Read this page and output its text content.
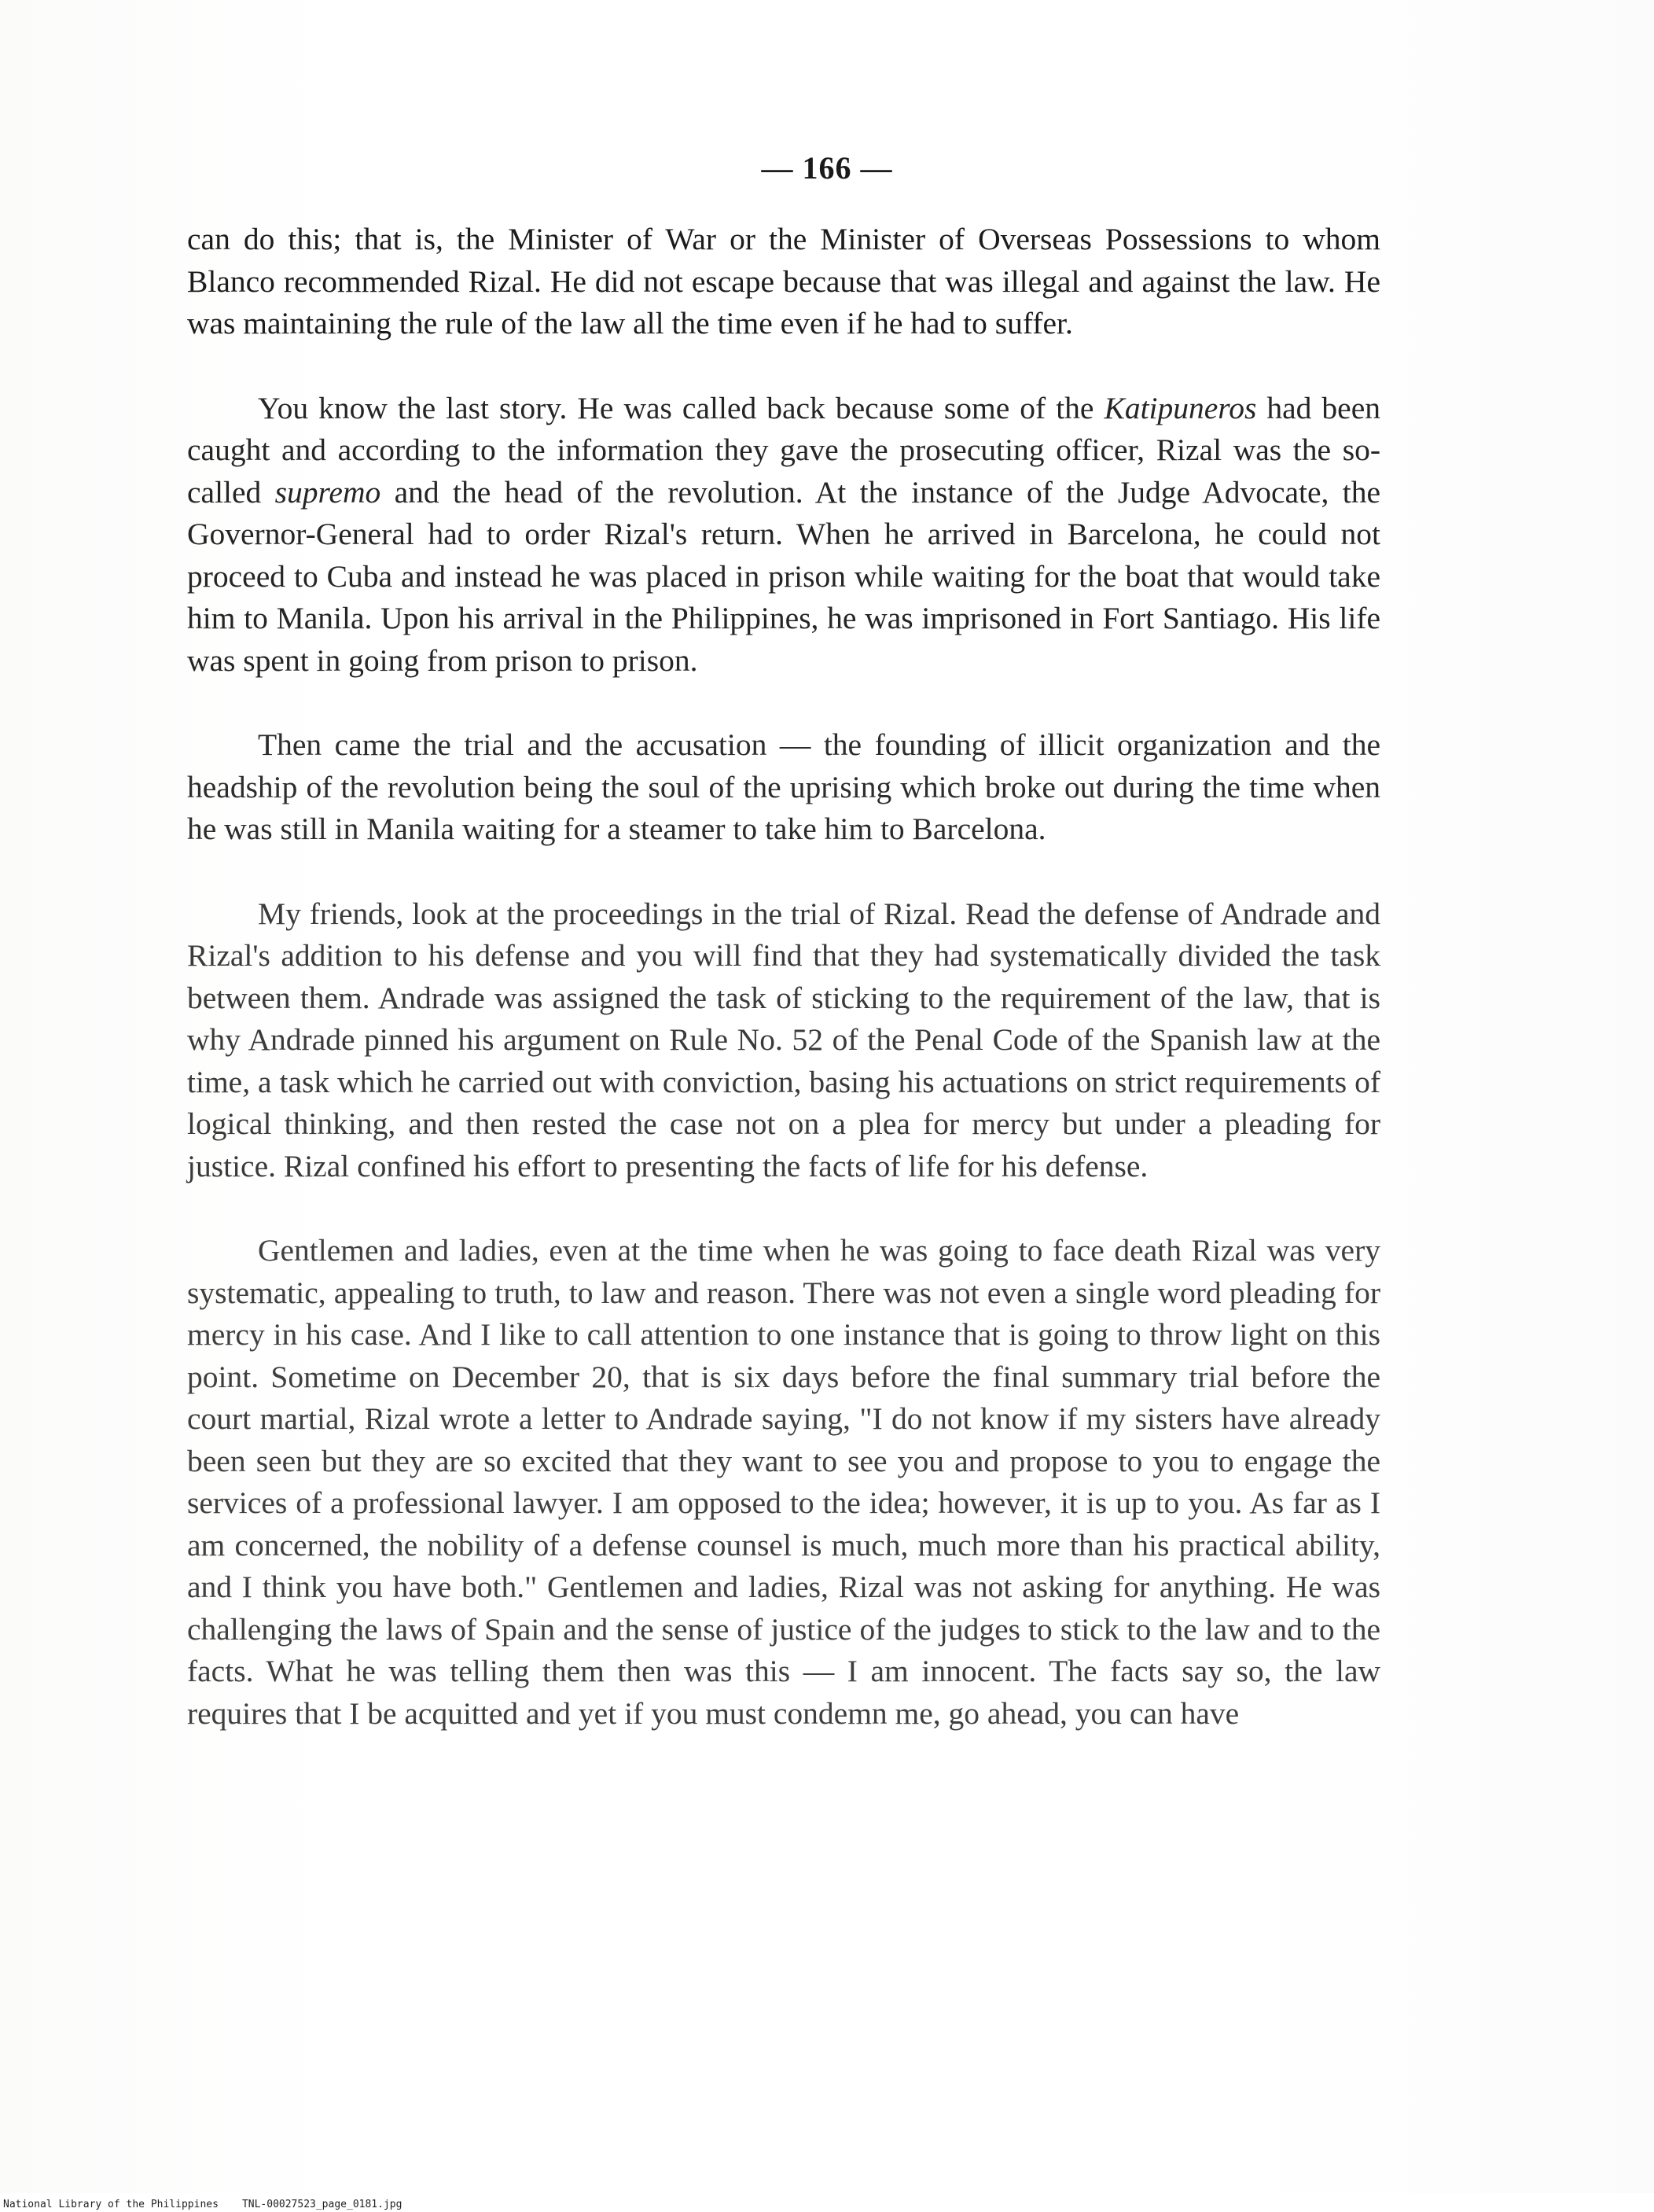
— 166 —

can do this; that is, the Minister of War or the Minister of Overseas Possessions to whom Blanco recommended Rizal. He did not escape because that was illegal and against the law. He was maintaining the rule of the law all the time even if he had to suffer.

You know the last story. He was called back because some of the Katipuneros had been caught and according to the information they gave the prosecuting officer, Rizal was the so-called supremo and the head of the revolution. At the instance of the Judge Advocate, the Governor-General had to order Rizal's return. When he arrived in Barcelona, he could not proceed to Cuba and instead he was placed in prison while waiting for the boat that would take him to Manila. Upon his arrival in the Philippines, he was imprisoned in Fort Santiago. His life was spent in going from prison to prison.

Then came the trial and the accusation — the founding of illicit organization and the headship of the revolution being the soul of the uprising which broke out during the time when he was still in Manila waiting for a steamer to take him to Barcelona.

My friends, look at the proceedings in the trial of Rizal. Read the defense of Andrade and Rizal's addition to his defense and you will find that they had systematically divided the task between them. Andrade was assigned the task of sticking to the requirement of the law, that is why Andrade pinned his argument on Rule No. 52 of the Penal Code of the Spanish law at the time, a task which he carried out with conviction, basing his actuations on strict requirements of logical thinking, and then rested the case not on a plea for mercy but under a pleading for justice. Rizal confined his effort to presenting the facts of life for his defense.

Gentlemen and ladies, even at the time when he was going to face death Rizal was very systematic, appealing to truth, to law and reason. There was not even a single word pleading for mercy in his case. And I like to call attention to one instance that is going to throw light on this point. Sometime on December 20, that is six days before the final summary trial before the court martial, Rizal wrote a letter to Andrade saying, "I do not know if my sisters have already been seen but they are so excited that they want to see you and propose to you to engage the services of a professional lawyer. I am opposed to the idea; however, it is up to you. As far as I am concerned, the nobility of a defense counsel is much, much more than his practical ability, and I think you have both." Gentlemen and ladies, Rizal was not asking for anything. He was challenging the laws of Spain and the sense of justice of the judges to stick to the law and to the facts. What he was telling them then was this — I am innocent. The facts say so, the law requires that I be acquitted and yet if you must condemn me, go ahead, you can have

National Library of the Philippines TNL-00027523_page_0181.jpg
